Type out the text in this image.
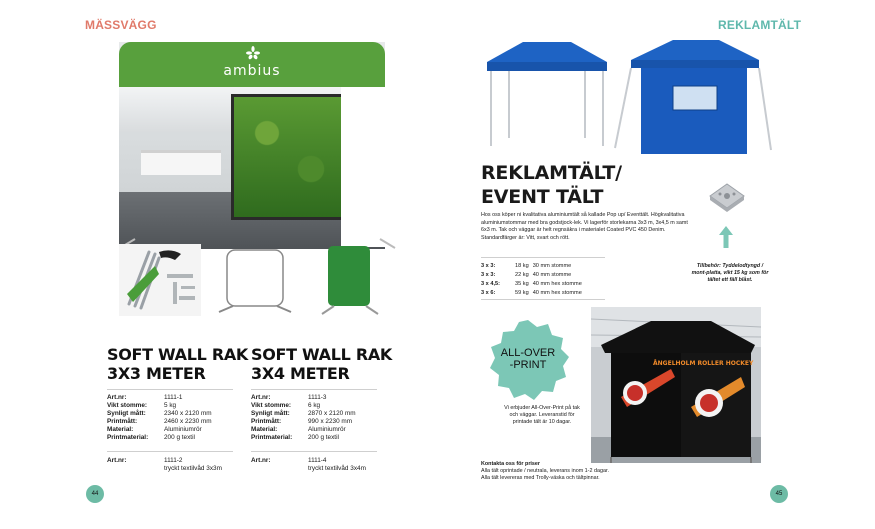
MÄSSVÄGG	REKLAMTÄLT
ambius
SOFT WALL RAK
3X3 METER
Art.nr:	1111-1
Vikt stomme:	5 kg
Synligt mått:	2340 x 2120 mm
Printmått:	2460 x 2230 mm
Material:	Aluminiumrör
Printmaterial:	200 g textil
Art.nr:	1111-2
	tryckt textilvåd 3x3m
SOFT WALL RAK
3X4 METER
Art.nr:	1111-3
Vikt stomme:	6 kg
Synligt mått:	2870 x 2120 mm
Printmått:	990 x 2230 mm
Material:	Aluminiumrör
Printmaterial:	200 g textil
Art.nr:	1111-4
	tryckt textilvåd 3x4m
44
REKLAMTÄLT/
EVENT TÄLT
Hos oss köper ni kvalitativa aluminiumtält så kallade Pop up/ Eventtält. Högkvalitativa aluminiumstommar med bra godstjock-lek. Vi lagerför storlekarna 3x3 m, 3x4,5 m samt 6x3 m. Tak och väggar är helt regnsäkra i materialet Coated PVC 450 Denim. Standardfärger är: Vitt, svart och rött.
3 x 3:	18 kg	30 mm stomme
3 x 3:	22 kg	40 mm stomme
3 x 4,5:	35 kg	40 mm hex stomme
3 x 6:	59 kg	40 mm hex stomme
Tillbehör: Tyddelodtyngd / mont-platta, vikt 15 kg som för tältet ett fäll blåst.
ALL-OVER
-PRINT
Vi erbjuder All-Over-Print på tak och väggar. Leveranstid för printade tält är 10 dagar.
ÅNGELHOLM ROLLER HOCKEY
Kontakta oss för priser
Alla tält oprintade / neutrala, leverans inom 1-2 dagar.
Alla tält levereras med Trolly-väska och tältpinnar.
45
